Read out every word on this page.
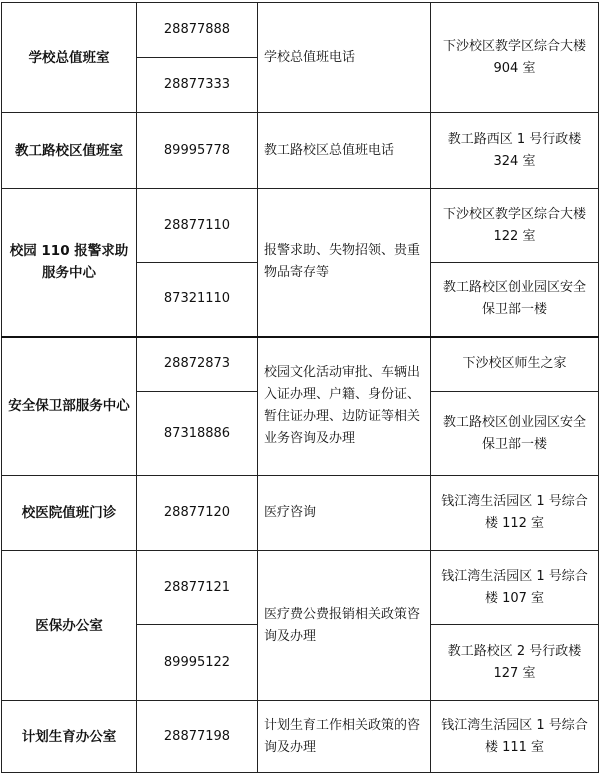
学校总值班室	28877888	学校总值班电话	下沙校区教学区综合大楼 904 室
	28877333		
教工路校区值班室	89995778	教工路校区总值班电话	教工路西区 1 号行政楼 324 室
校园 110 报警求助服务中心	28877110	报警求助、失物招领、贵重物品寄存等	下沙校区教学区综合大楼 122 室
	87321110		教工路校区创业园区安全保卫部一楼
安全保卫部服务中心	28872873	校园文化活动审批、车辆出入证办理、户籍、身份证、暂住证办理、边防证等相关业务咨询及办理	下沙校区师生之家
	87318886		教工路校区创业园区安全保卫部一楼
校医院值班门诊	28877120	医疗咨询	钱江湾生活园区 1 号综合楼 112 室
医保办公室	28877121	医疗费公费报销相关政策咨询及办理	钱江湾生活园区 1 号综合楼 107 室
	89995122		教工路校区 2 号行政楼 127 室
计划生育办公室	28877198	计划生育工作相关政策的咨询及办理	钱江湾生活园区 1 号综合楼 111 室
